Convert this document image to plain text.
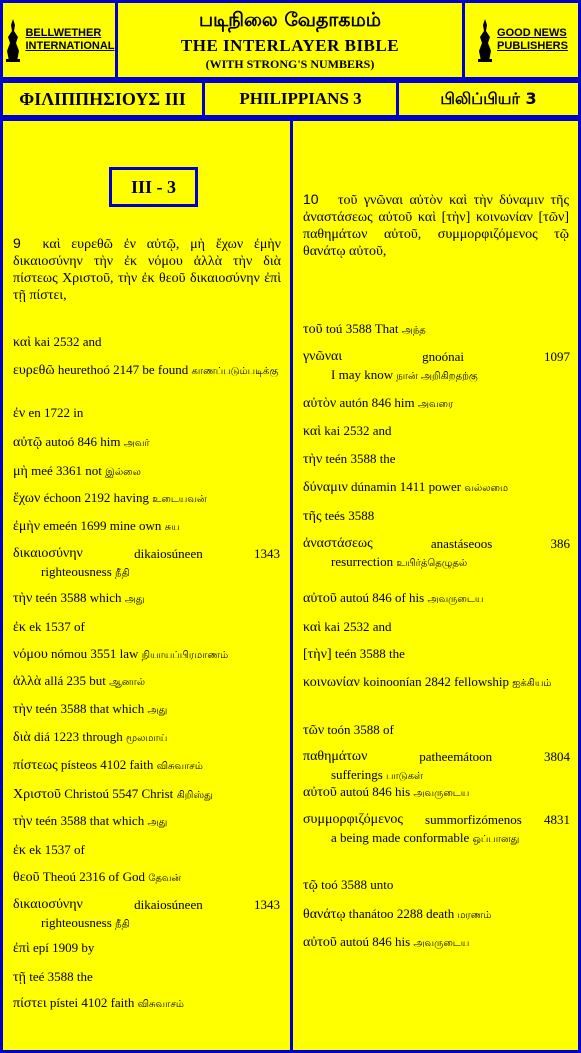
BELLWETHER
INTERNATIONAL
படிநிலை வேதாகமம்
THE INTERLAYER BIBLE
(WITH STRONG'S NUMBERS)
GOOD NEWS
PUBLISHERS
ΦΙΛΙΠΠΗΣΙΟΥΣ III	PHILIPPIANS 3	பிலிப்பியர் 3
III - 3
9 καὶ ευρεθῶ ἐν αὐτῷ, μὴ ἔχων ἐμὴν δικαιοσύνην τὴν ἐκ νόμου ἀλλὰ τὴν διὰ πίστεως Χριστοῦ, τὴν ἐκ θεοῦ δικαιοσύνην ἐπὶ τῇ πίστει,
καὶ kai 2532 and
ευρεθῶ heurethoó 2147 be found காணப்படும்படிக்கு
ἐν en 1722 in
αὐτῷ autoó 846 him அவர்
μὴ meé 3361 not இல்லை
ἔχων échoon 2192 having உடையவன்
ἐμὴν emeén 1699 mine own சுய
δικαιοσύνην	dikaiosúneen	1343
righteousness நீதி
τὴν teén 3588 which அது
ἐκ ek 1537 of
νόμου nómou 3551 law நியாயப்பிரமாணம்
ἀλλὰ allá 235 but ஆனால்
τὴν teén 3588 that which அது
διὰ diá 1223 through மூலமாய்
πίστεως písteos 4102 faith விசுவாசம்
Χριστοῦ Christoú 5547 Christ கிறிஸ்து
τὴν teén 3588 that which அது
ἐκ ek 1537 of
θεοῦ Theoú 2316 of God தேவன்
δικαιοσύνην	dikaiosúneen	1343
righteousness நீதி
ἐπὶ epí 1909 by
τῇ teé 3588 the
πίστει pístei 4102 faith விசுவாசம்
10 τοῦ γνῶναι αὐτὸν καὶ τὴν δύναμιν τῆς ἀναστάσεως αὐτοῦ καὶ [τὴν] κοινωνίαν [τῶν] παθημάτων αὐτοῦ, συμμορφιζόμενος τῷ θανάτῳ αὐτοῦ,
τοῦ toú 3588 That அந்த
γνῶναι	gnoónai	1097
I may know நான் அறிகிறதற்கு
αὐτὸν autón 846 him அவரை
καὶ kai 2532 and
τὴν teén 3588 the
δύναμιν dúnamin 1411 power வல்லமை
τῆς teés 3588
ἀναστάσεως	anastáseoos	386
resurrection உயிர்த்தெழுதல்
αὐτοῦ autoú 846 of his அவருடைய
καὶ kai 2532 and
[τὴν] teén 3588 the
κοινωνίαν koinoonían 2842 fellowship ஐக்கியம்
τῶν toón 3588 of
παθημάτων	patheemátoon	3804
sufferings பாடுகள்
αὐτοῦ autoú 846 his அவருடைய
συμμορφιζόμενος summorfizómenos 4831
a being made conformable ஒப்பானது
τῷ toó 3588 unto
θανάτῳ thanátoo 2288 death மரணம்
αὐτοῦ autoú 846 his அவருடைய
